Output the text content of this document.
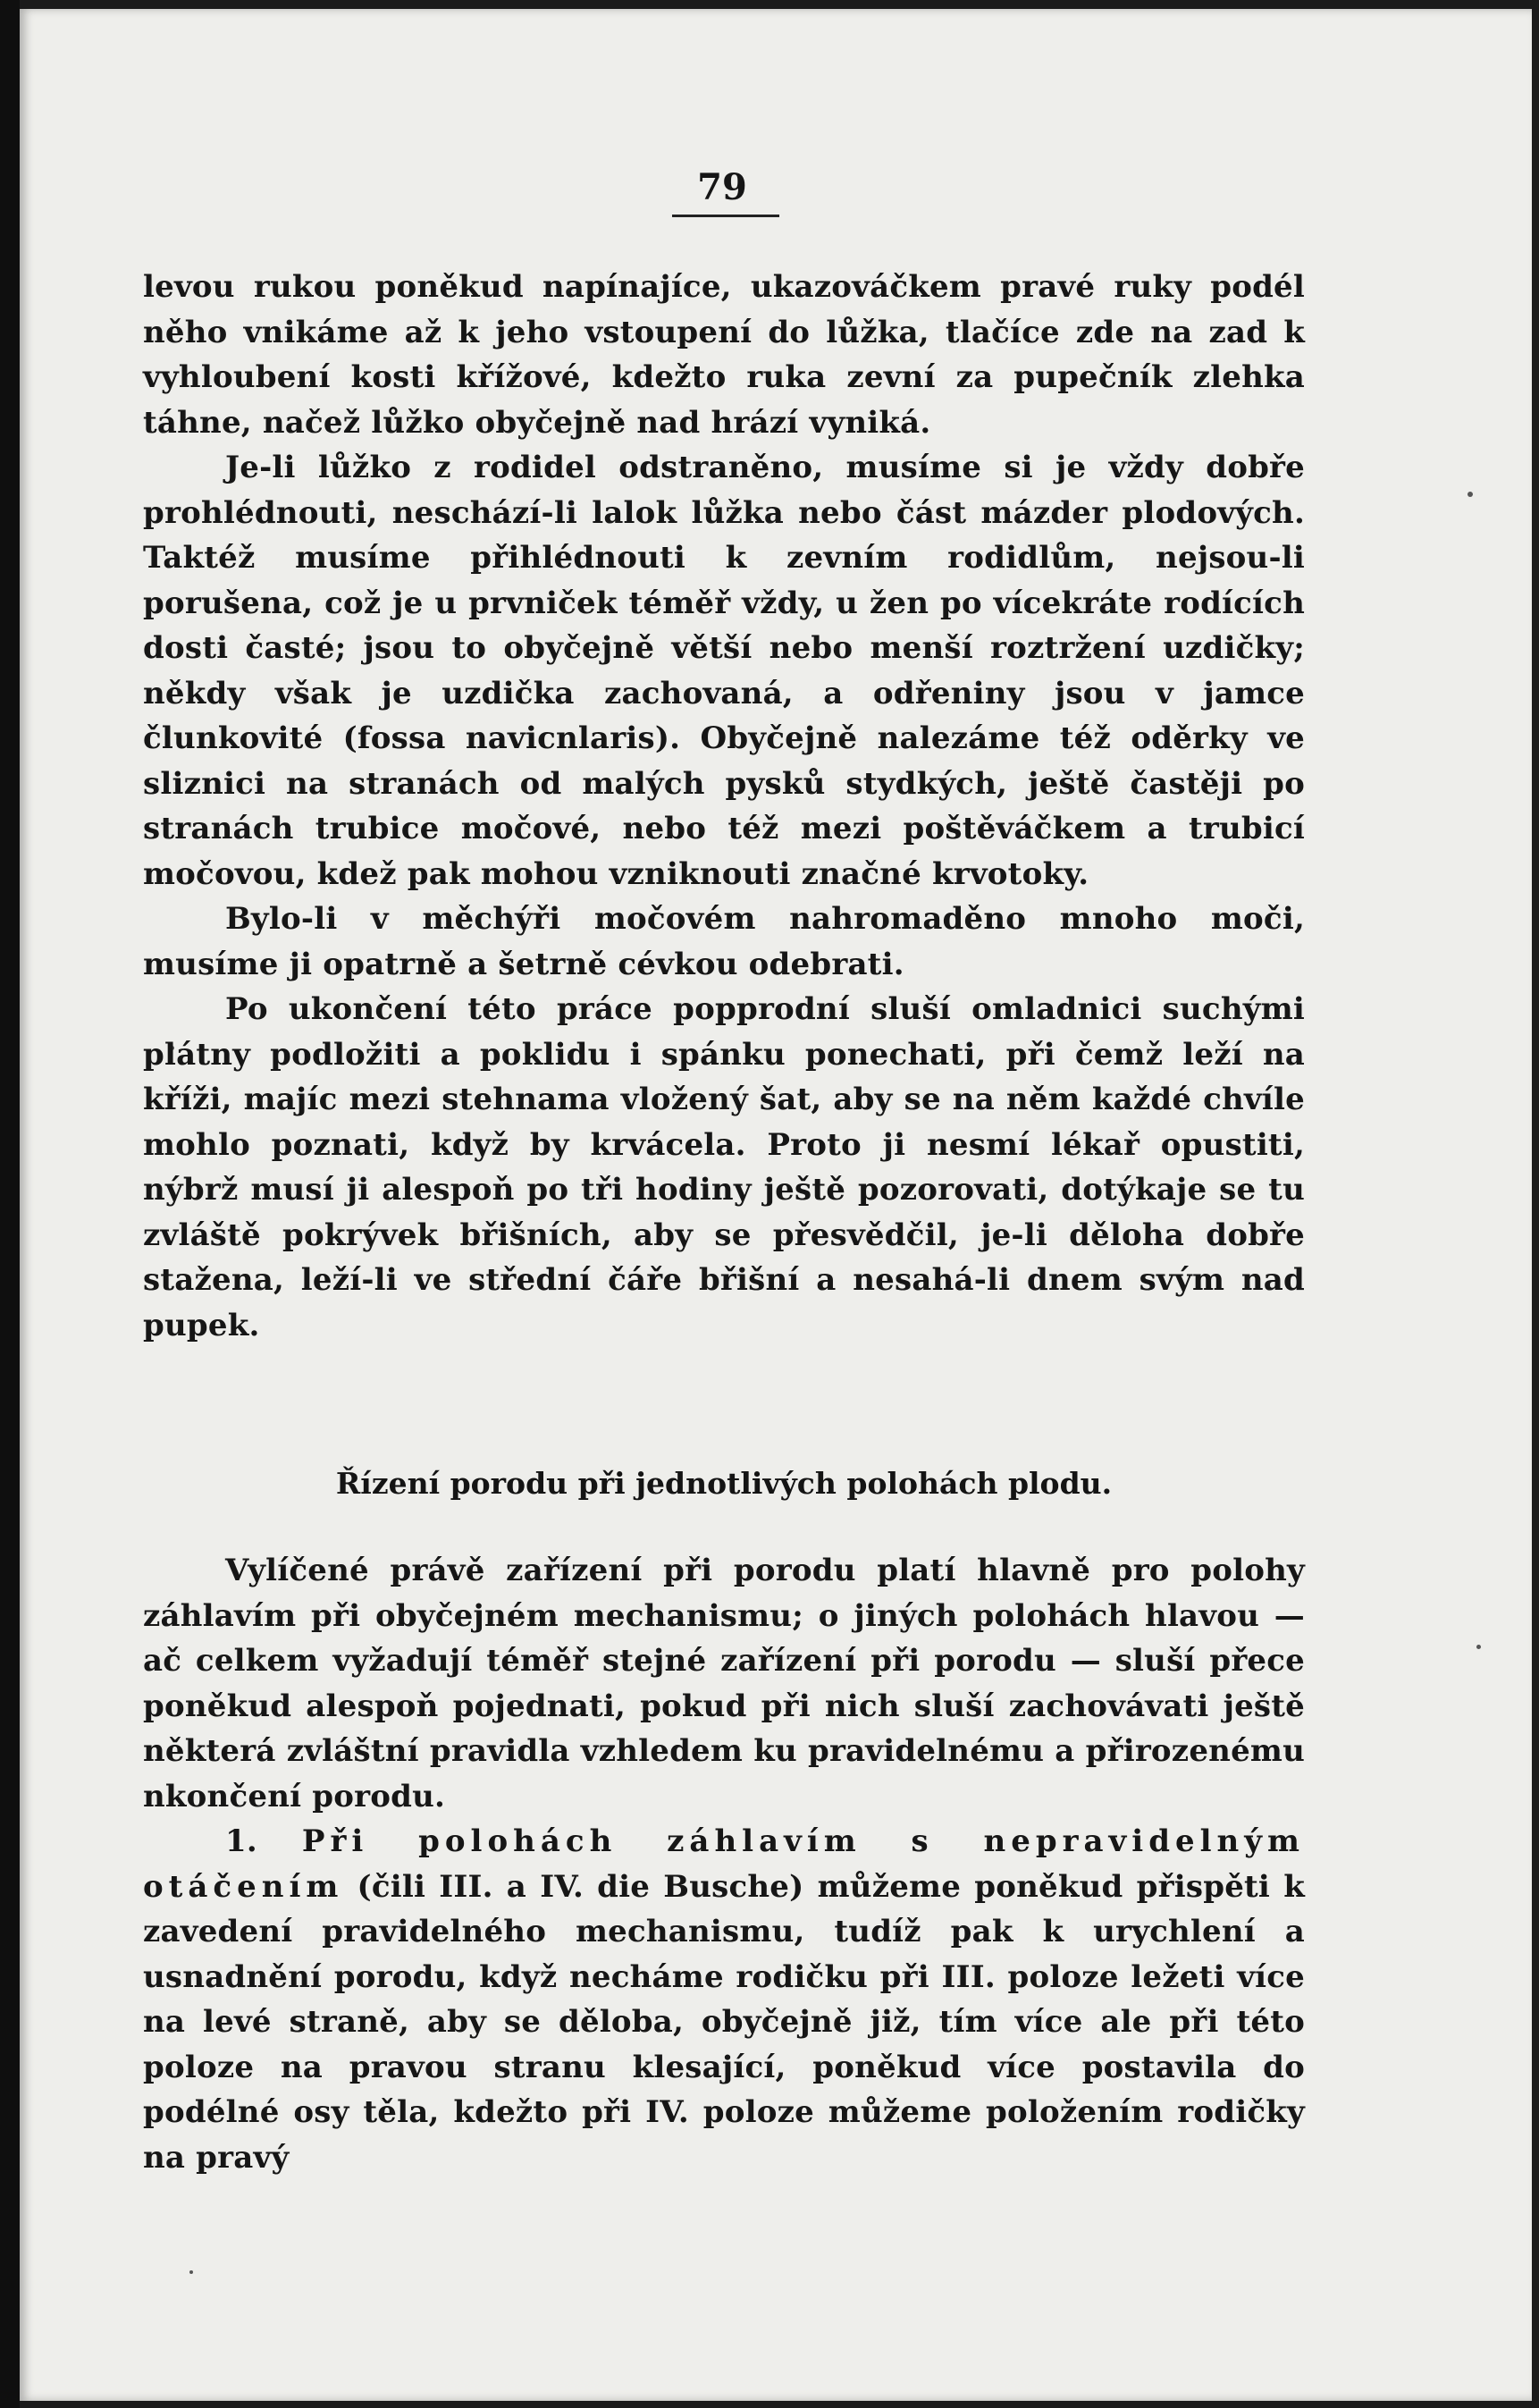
79

levou rukou poněkud napínajíce, ukazováčkem pravé ruky podél něho vnikáme až k jeho vstoupení do lůžka, tlačíce zde na zad k vyhloubení kosti křížové, kdežto ruka zevní za pupečník zlehka táhne, načež lůžko obyčejně nad hrází vyniká.

Je-li lůžko z rodidel odstraněno, musíme si je vždy dobře prohlédnouti, neschází-li lalok lůžka nebo část mázder plodových. Taktéž musíme přihlédnouti k zevním rodidlům, nejsou-li porušena, což je u prvniček téměř vždy, u žen po vícekráte rodících dosti časté; jsou to obyčejně větší nebo menší roztržení uzdičky; někdy však je uzdička zachovaná, a odřeniny jsou v jamce člunkovité (fossa navicnlaris). Obyčejně nalezáme též oděrky ve sliznici na stranách od malých pysků stydkých, ještě častěji po stranách trubice močové, nebo též mezi poštěváčkem a trubicí močovou, kdež pak mohou vzniknouti značné krvotoky.

Bylo-li v měchýři močovém nahromaděno mnoho moči, musíme ji opatrně a šetrně cévkou odebrati.

Po ukončení této práce popprodní sluší omladnici suchými plátny podložiti a poklidu i spánku ponechati, při čemž leží na kříži, majíc mezi stehnama vložený šat, aby se na něm každé chvíle mohlo poznati, když by krvácela. Proto ji nesmí lékař opustiti, nýbrž musí ji alespoň po tři hodiny ještě pozorovati, dotýkaje se tu zvláště pokrývek břišních, aby se přesvědčil, je-li děloha dobře stažena, leží-li ve střední čáře břišní a nesahá-li dnem svým nad pupek.

Řízení porodu při jednotlivých polohách plodu.

Vylíčené právě zařízení při porodu platí hlavně pro polohy záhlavím při obyčejném mechanismu; o jiných polohách hlavou — ač celkem vyžadují téměř stejné zařízení při porodu — sluší přece poněkud alespoň pojednati, pokud při nich sluší zachovávati ještě některá zvláštní pravidla vzhledem ku pravidelnému a přirozenému nkončení porodu.

1. Při polohách záhlavím s nepravidelným otáčením (čili III. a IV. die Busche) můžeme poněkud přispěti k zavedení pravidelného mechanismu, tudíž pak k urychlení a usnadnění porodu, když necháme rodičku při III. poloze ležeti více na levé straně, aby se děloba, obyčejně již, tím více ale při této poloze na pravou stranu klesající, poněkud více postavila do podélné osy těla, kdežto při IV. poloze můžeme položením rodičky na pravý
